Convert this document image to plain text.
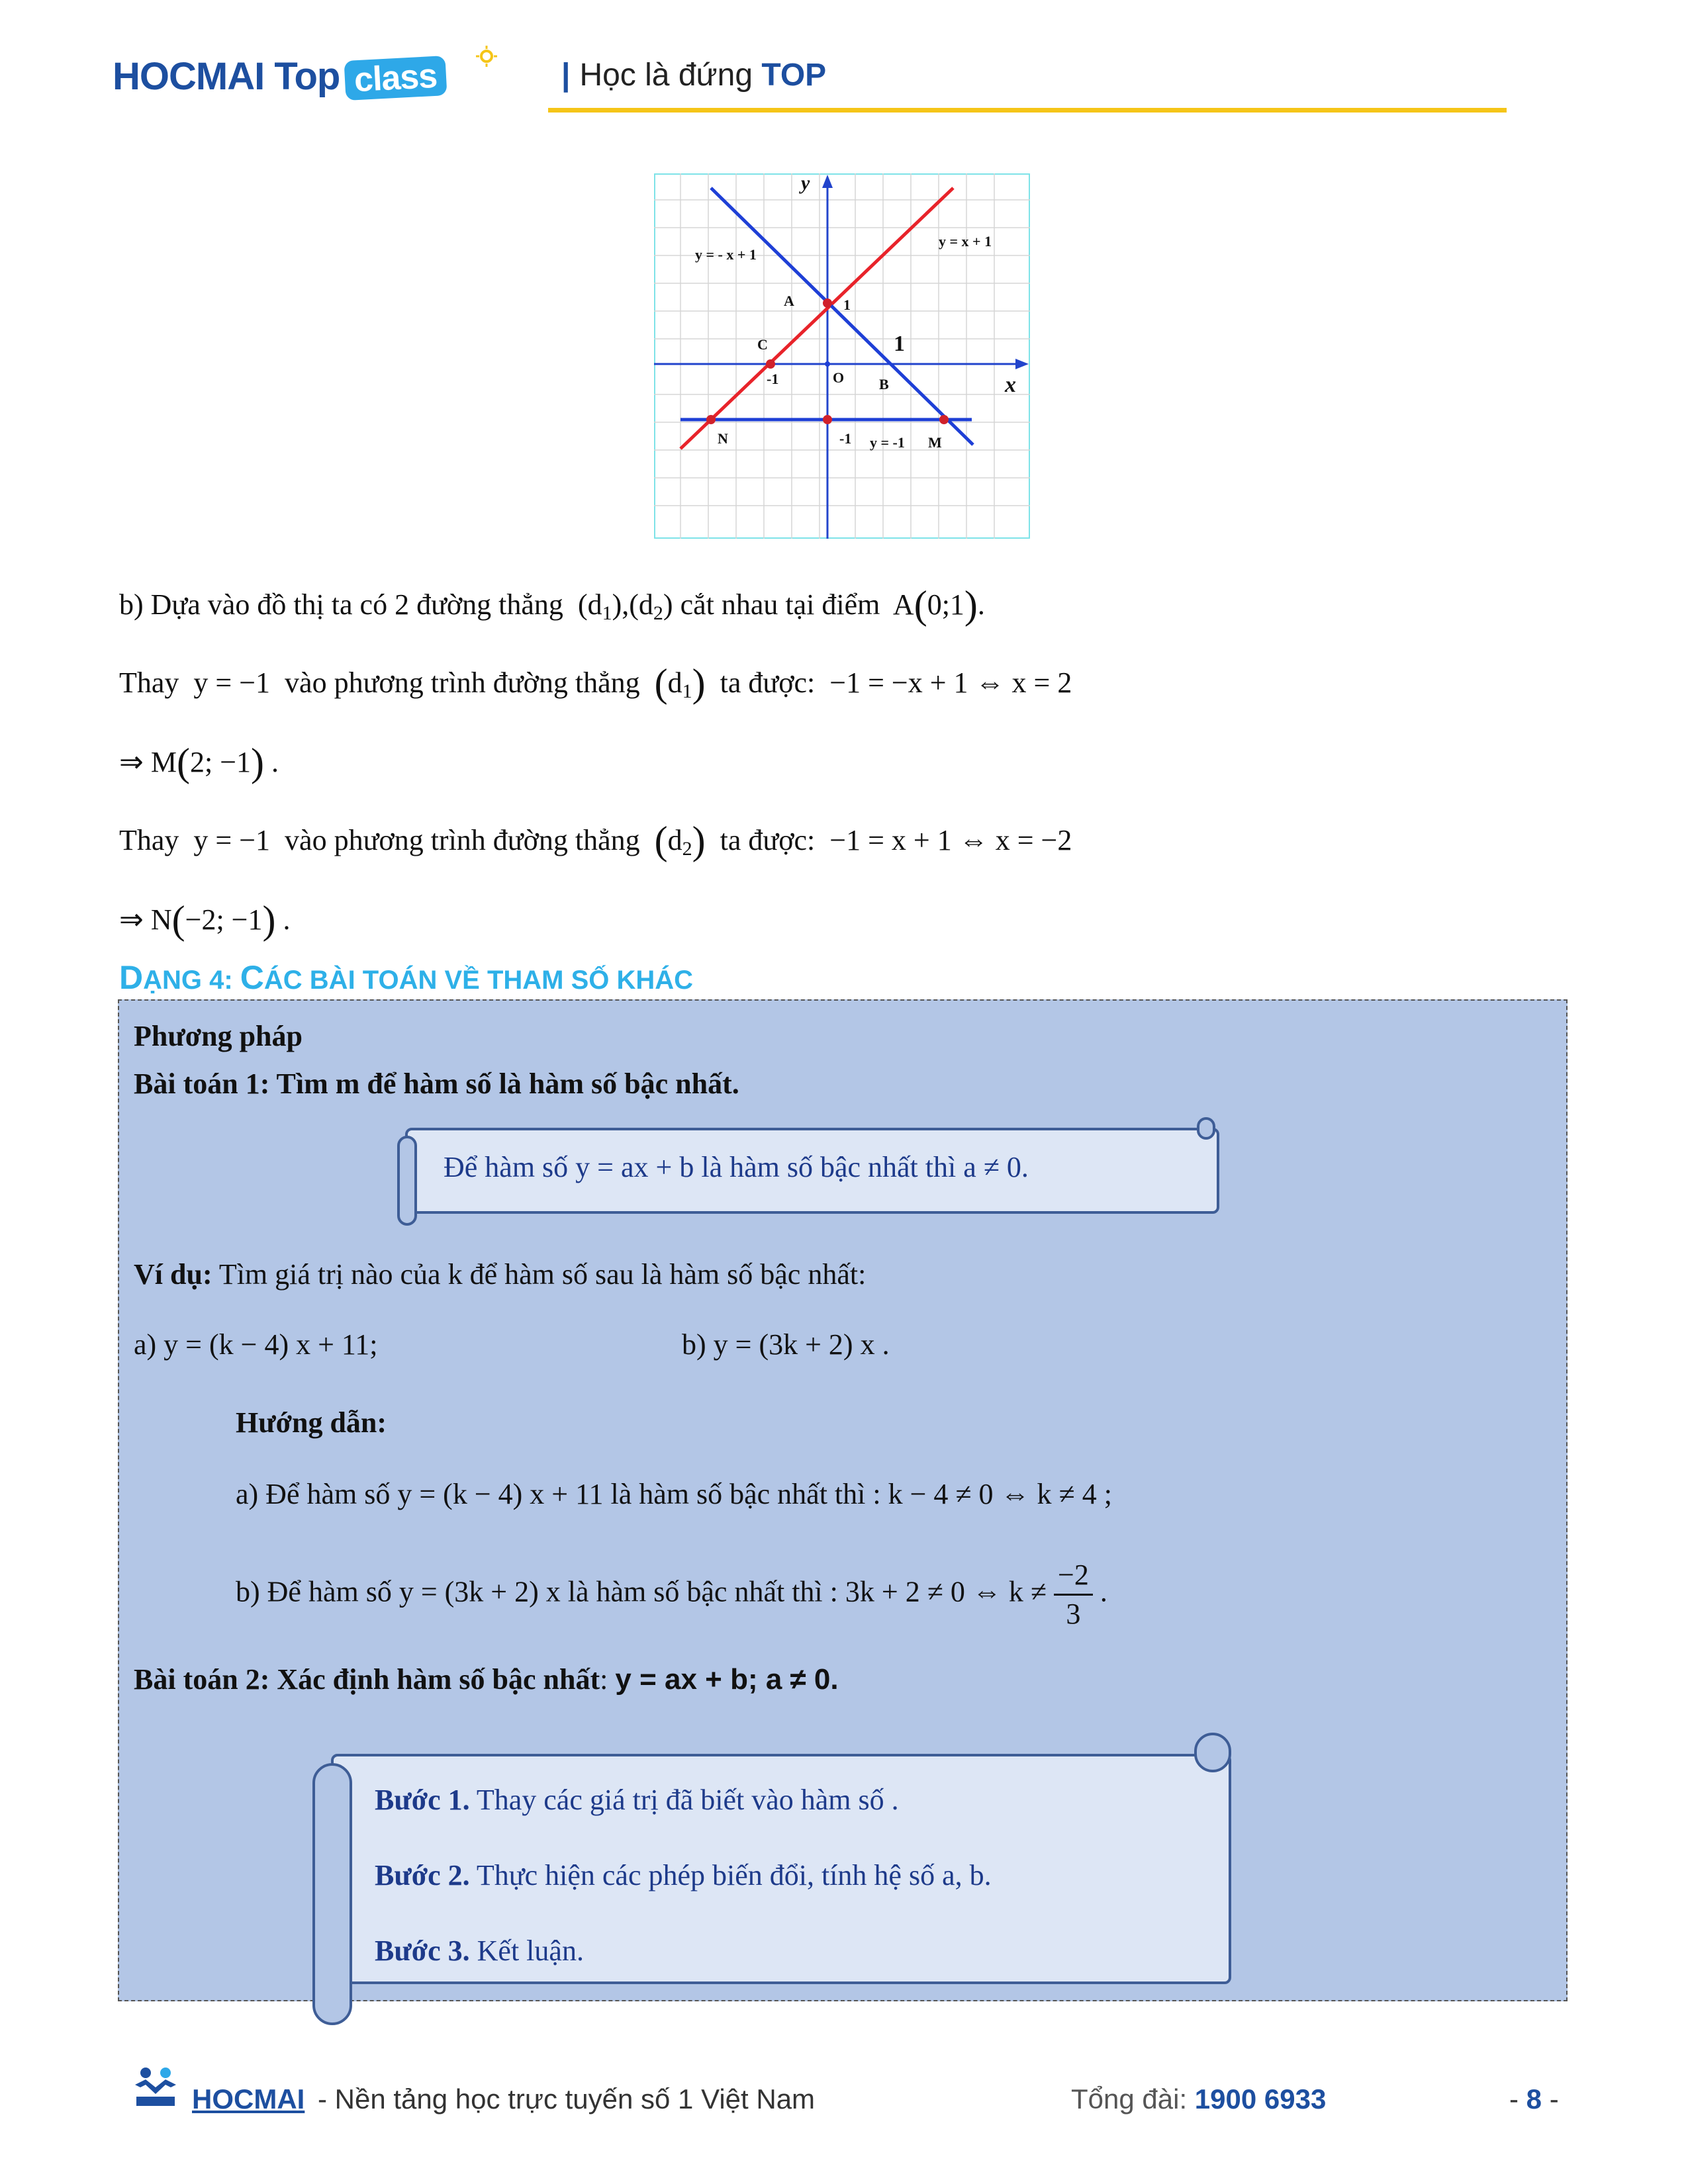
HOCMAI Top class	| Học là đứng TOP
y
x
y = x + 1
y = - x + 1
y = -1
A	1
C	1
-1	O B
N	-1	M
b) Dựa vào đồ thị ta có 2 đường thẳng $(d_1),(d_2)$ cắt nhau tại điểm A(0;1).
Thay y = −1 vào phương trình đường thẳng $(d_1)$ ta được: −1 = −x + 1 ⇔ x = 2
⇒ M(2; −1) .
Thay y = −1 vào phương trình đường thẳng $(d_2)$ ta được: −1 = x + 1 ⇔ x = −2
⇒ N(−2; −1) .
DẠNG 4: CÁC BÀI TOÁN VỀ THAM SỐ KHÁC
Phương pháp
Bài toán 1: Tìm m để hàm số là hàm số bậc nhất.
Để hàm số y = ax + b là hàm số bậc nhất thì a ≠ 0.
Ví dụ: Tìm giá trị nào của k để hàm số sau là hàm số bậc nhất:
a) y = (k − 4) x + 11;	b) y = (3k + 2) x .
Hướng dẫn:
a) Để hàm số y = (k − 4) x + 11 là hàm số bậc nhất thì : k − 4 ≠ 0 ⇔ k ≠ 4 ;
b) Để hàm số y = (3k + 2) x là hàm số bậc nhất thì : 3k + 2 ≠ 0 ⇔ $k \ne \frac{-2}{3}$ .
Bài toán 2: Xác định hàm số bậc nhất: y = ax + b; a ≠ 0.
Bước 1. Thay các giá trị đã biết vào hàm số .
Bước 2. Thực hiện các phép biến đổi, tính hệ số a, b.
Bước 3. Kết luận.
HOCMAI - Nền tảng học trực tuyến số 1 Việt Nam	Tổng đài: 1900 6933	- 8 -
